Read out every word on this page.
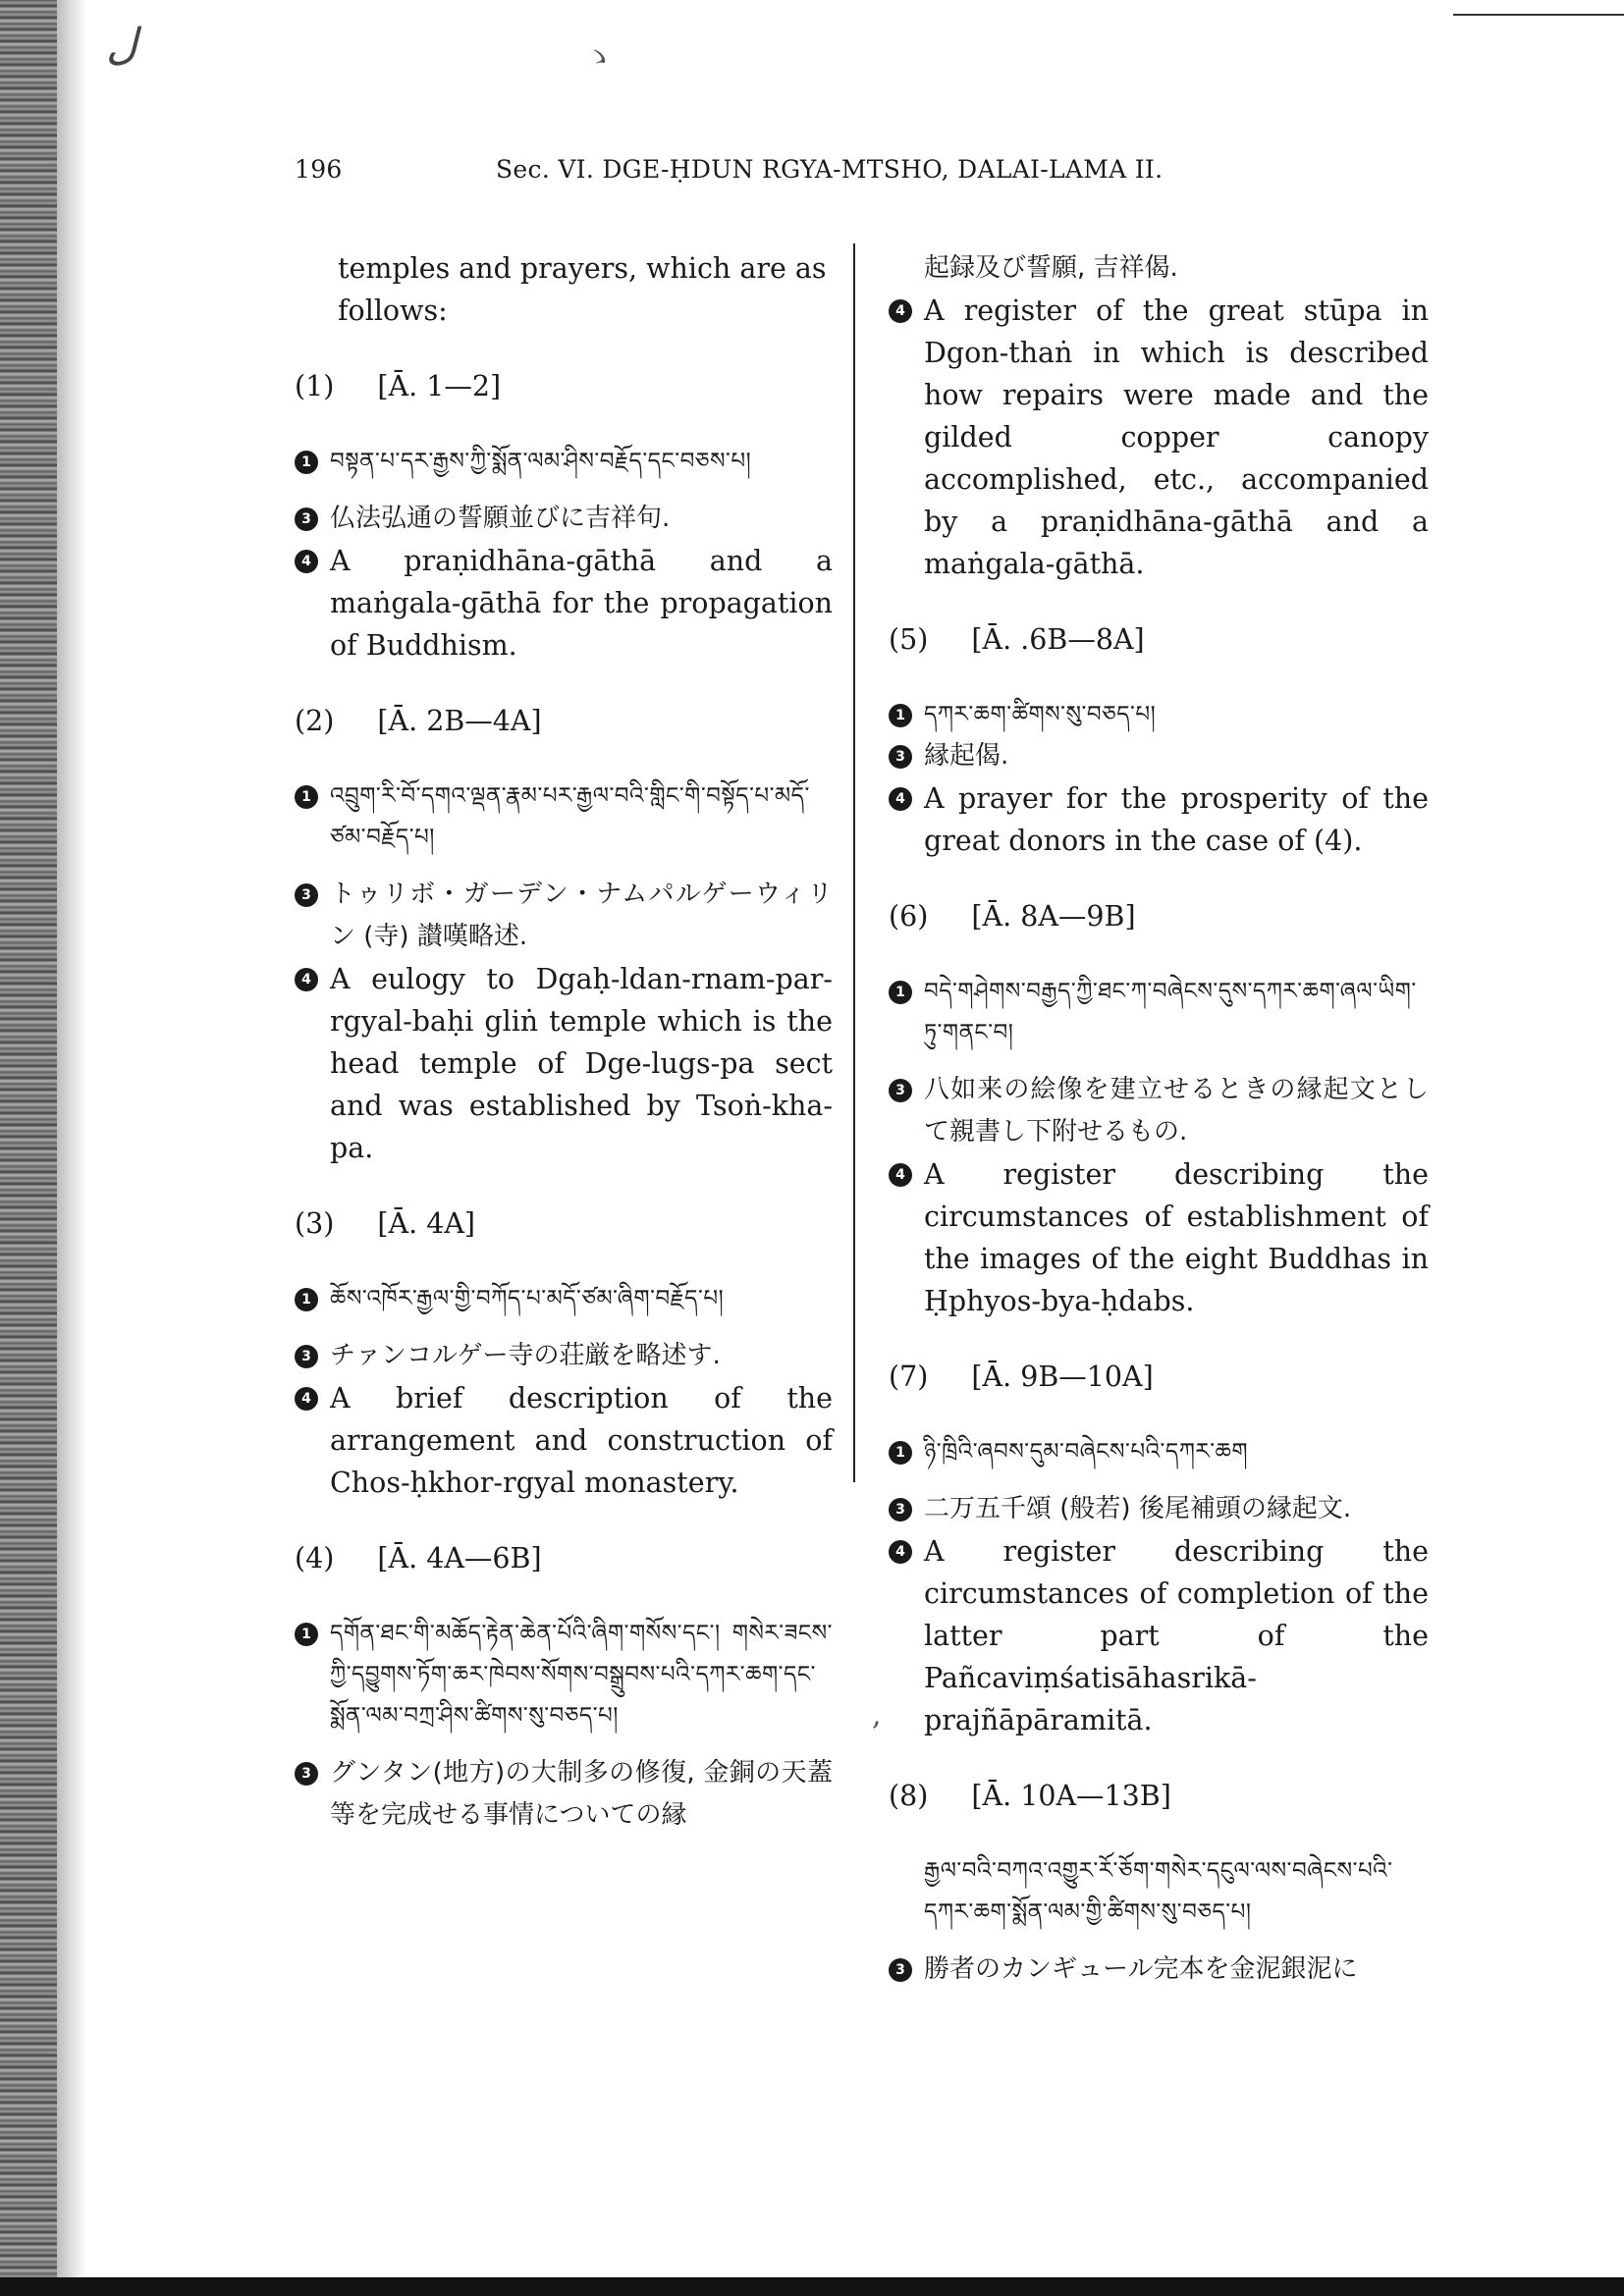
ل	ゝ
196	Sec. VI. DGE-ḤDUN RGYA-MTSHO, DALAI-LAMA II.

temples and prayers, which are as

follows:

(1) [Ā. 1—2]
1 བསྟན་པ་དར་རྒྱས་ཀྱི་སྨོན་ལམ་ཤིས་བརྗོད་དང་བཅས་པ།
3 仏法弘通の誓願並びに吉祥句.
4 A praṇidhāna-gāthā and a maṅgala-gāthā for the propagation of Buddhism.
(2) [Ā. 2B—4A]
1 འབྲུག་རི་བོ་དགའ་ལྡན་རྣམ་པར་རྒྱལ་བའི་གླིང་གི་བསྟོད་པ་མདོ་ཙམ་བརྗོད་པ།
3 トゥリボ・ガーデン・ナムパルゲーウィリン (寺) 讃嘆略述.
4 A eulogy to Dgaḥ-ldan-rnam-par-rgyal-baḥi gliṅ temple which is the head temple of Dge-lugs-pa sect and was established by Tsoṅ-kha-pa.
(3) [Ā. 4A]
1 ཆོས་འཁོར་རྒྱལ་གྱི་བཀོད་པ་མདོ་ཙམ་ཞིག་བརྗོད་པ།
3 チァンコルゲー寺の荘厳を略述す.
4 A brief description of the arrangement and construction of Chos-ḥkhor-rgyal monastery.
(4) [Ā. 4A—6B]
1 དགོན་ཐང་གི་མཆོད་རྟེན་ཆེན་པོའི་ཞིག་གསོས་དང་། གསེར་ཟངས་ཀྱི་དབྱུགས་ཏོག་ཆར་ཁེབས་སོགས་བསྒྲུབས་པའི་དཀར་ཆག་དང་སྨོན་ལམ་བཀྲ་ཤིས་ཚིགས་སུ་བཅད་པ།
3 グンタン(地方)の大制多の修復, 金銅の天蓋等を完成せる事情についての縁

起録及び誓願, 吉祥偈.

4 A register of the great stūpa in Dgon-thaṅ in which is described how repairs were made and the gilded copper canopy accomplished, etc., accompanied by a praṇidhāna-gāthā and a maṅgala-gāthā.
(5) [Ā. .6B—8A]
1 དཀར་ཆག་ཚིགས་སུ་བཅད་པ།
3 縁起偈.
4 A prayer for the prosperity of the great donors in the case of (4).
(6) [Ā. 8A—9B]
1 བདེ་གཤེགས་བརྒྱད་ཀྱི་ཐང་ཀ་བཞེངས་དུས་དཀར་ཆག་ཞལ་ཡིག་ཏུ་གནང་བ།
3 八如来の絵像を建立せるときの縁起文として親書し下附せるもの.
4 A register describing the circumstances of establishment of the images of the eight Buddhas in Ḥphyos-bya-ḥdabs.
(7) [Ā. 9B—10A]
1 ཉི་ཁྲིའི་ཞབས་དུམ་བཞེངས་པའི་དཀར་ཆག
3 二万五千頌 (般若) 後尾補頭の縁起文.
4 A register describing the circumstances of completion of the latter part of the Pañcaviṃśatisāhasrikā-prajñāpāramitā.
(8) [Ā. 10A—13B]

རྒྱལ་བའི་བཀའ་འགྱུར་རོ་ཅོག་གསེར་དངུལ་ལས་བཞེངས་པའི་དཀར་ཆག་སྨོན་ལམ་གྱི་ཚིགས་སུ་བཅད་པ།

3 勝者のカンギュール完本を金泥銀泥に
,
